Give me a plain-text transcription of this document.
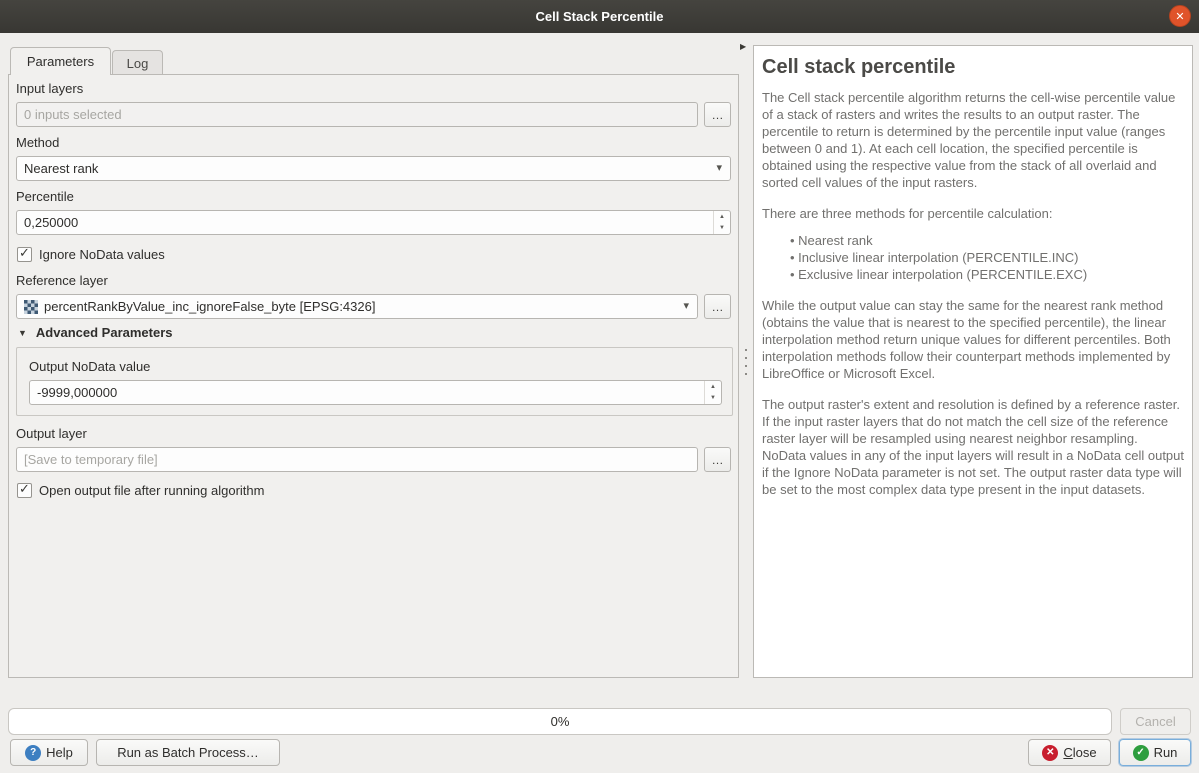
Cell Stack Percentile	✕
Parameters	Log
Input layers
0 inputs selected
…
Method
Nearest rank	▾
Percentile
0,250000
▲
▼
✓ Ignore NoData values
Reference layer
percentRankByValue_inc_ignoreFalse_byte [EPSG:4326]	▾	…
▼ Advanced Parameters
Output NoData value
-9999,000000
▲
▼
Output layer
[Save to temporary file]
…
✓ Open output file after running algorithm
▶
Cell stack percentile

The Cell stack percentile algorithm returns the cell-wise percentile value of a stack of rasters and writes the results to an output raster. The percentile to return is determined by the percentile input value (ranges between 0 and 1). At each cell location, the specified percentile is obtained using the respective value from the stack of all overlaid and sorted cell values of the input rasters.

There are three methods for percentile calculation:

• Nearest rank
• Inclusive linear interpolation (PERCENTILE.INC)
• Exclusive linear interpolation (PERCENTILE.EXC)

While the output value can stay the same for the nearest rank method (obtains the value that is nearest to the specified percentile), the linear interpolation method return unique values for different percentiles. Both interpolation methods follow their counterpart methods implemented by LibreOffice or Microsoft Excel.

The output raster's extent and resolution is defined by a reference raster. If the input raster layers that do not match the cell size of the reference raster layer will be resampled using nearest neighbor resampling. NoData values in any of the input layers will result in a NoData cell output if the Ignore NoData parameter is not set. The output raster data type will be set to the most complex data type present in the input datasets.

0%	Cancel
? Help	Run as Batch Process…	✕ Close	✓ Run
